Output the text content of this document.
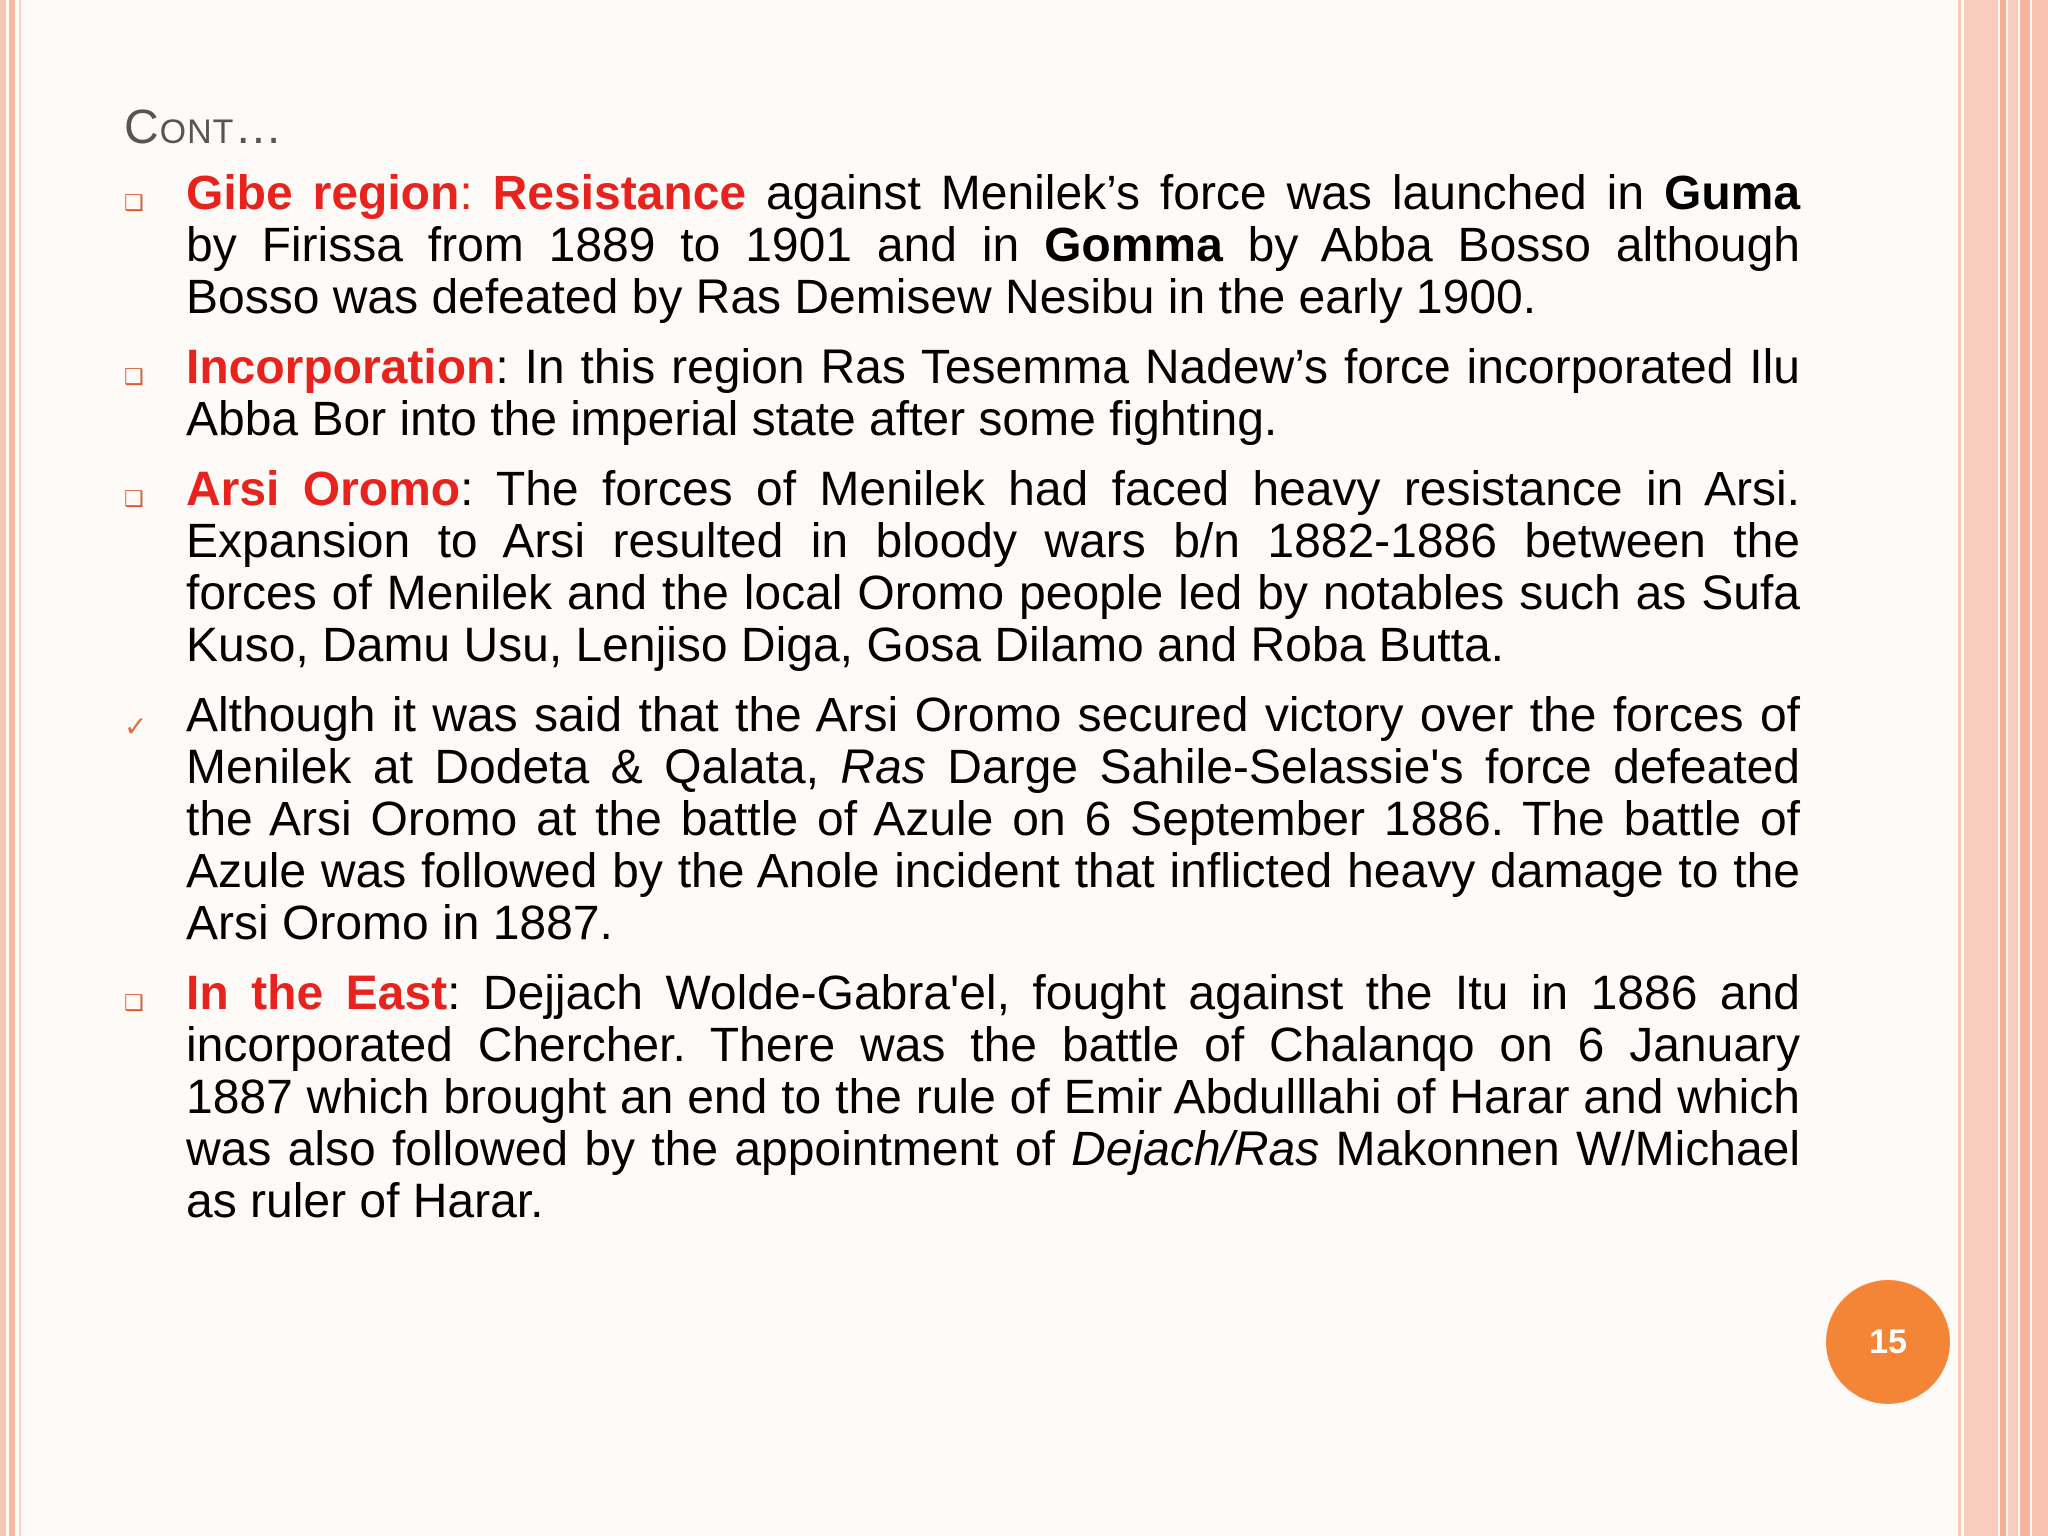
Cont…
❑ Gibe region: Resistance against Menilek’s force was launched in Guma by Firissa from 1889 to 1901 and in Gomma by Abba Bosso although Bosso was defeated by Ras Demisew Nesibu in the early 1900.

❑ Incorporation: In this region Ras Tesemma Nadew’s force incorporated Ilu Abba Bor into the imperial state after some fighting.

❑ Arsi Oromo: The forces of Menilek had faced heavy resistance in Arsi. Expansion to Arsi resulted in bloody wars b/n 1882-1886 between the forces of Menilek and the local Oromo people led by notables such as Sufa Kuso, Damu Usu, Lenjiso Diga, Gosa Dilamo and Roba Butta.

✓ Although it was said that the Arsi Oromo secured victory over the forces of Menilek at Dodeta & Qalata, Ras Darge Sahile-Selassie's force defeated the Arsi Oromo at the battle of Azule on 6 September 1886. The battle of Azule was followed by the Anole incident that inflicted heavy damage to the Arsi Oromo in 1887.

❑ In the East: Dejjach Wolde-Gabra'el, fought against the Itu in 1886 and incorporated Chercher. There was the battle of Chalanqo on 6 January 1887 which brought an end to the rule of Emir Abdulllahi of Harar and which was also followed by the appointment of Dejach/Ras Makonnen W/Michael as ruler of Harar.

15
